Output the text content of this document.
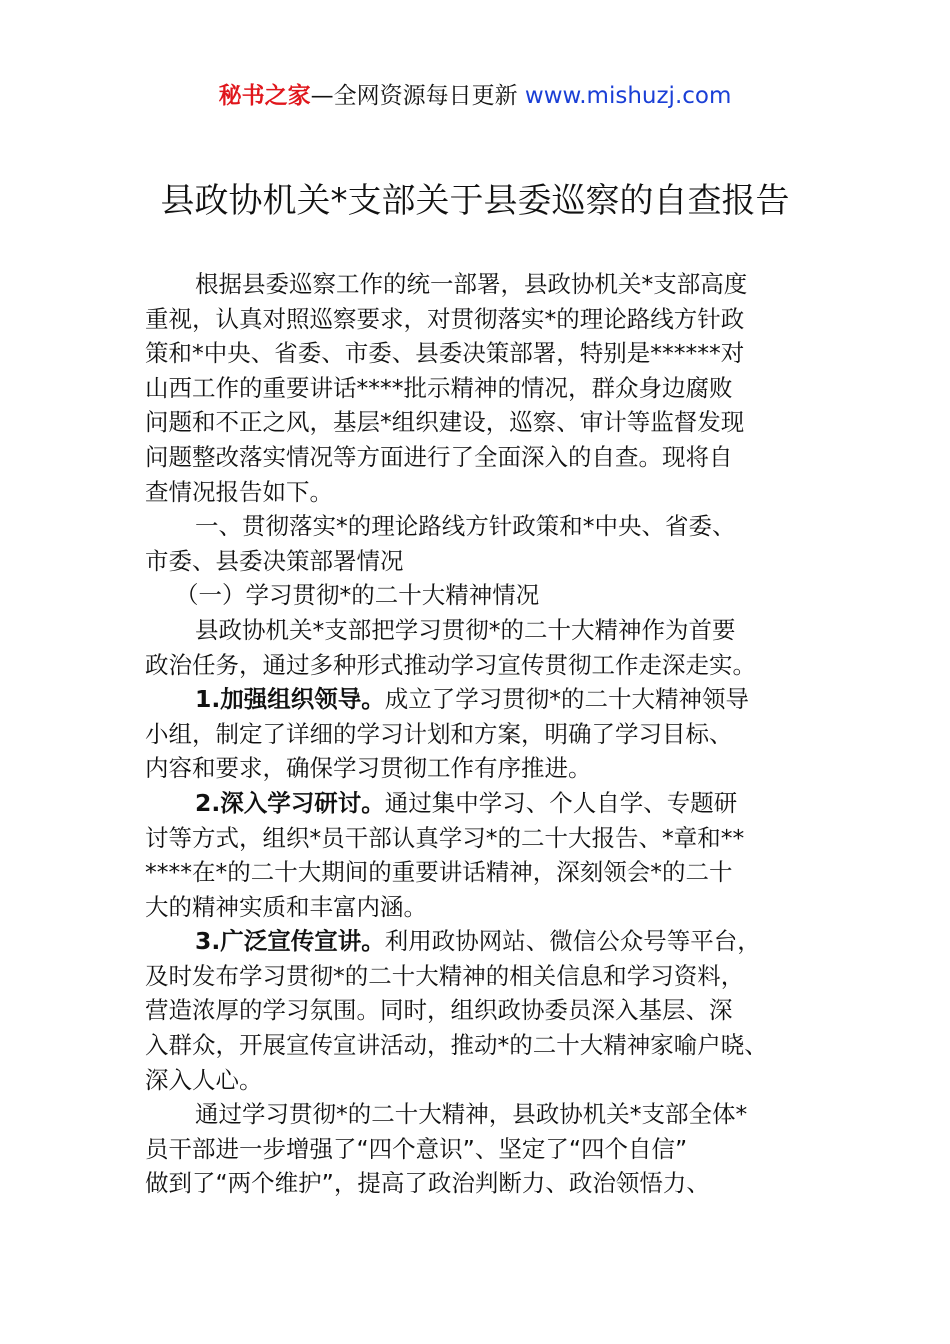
秘书之家—全网资源每日更新 www.mishuzj.com
县政协机关*支部关于县委巡察的自查报告
根据县委巡察工作的统一部署，县政协机关*支部高度
重视，认真对照巡察要求，对贯彻落实*的理论路线方针政
策和*中央、省委、市委、县委决策部署，特别是******对
山西工作的重要讲话****批示精神的情况，群众身边腐败
问题和不正之风，基层*组织建设，巡察、审计等监督发现
问题整改落实情况等方面进行了全面深入的自查。现将自
查情况报告如下。
一、贯彻落实*的理论路线方针政策和*中央、省委、
市委、县委决策部署情况
（一）学习贯彻*的二十大精神情况
县政协机关*支部把学习贯彻*的二十大精神作为首要
政治任务，通过多种形式推动学习宣传贯彻工作走深走实。
1.加强组织领导。成立了学习贯彻*的二十大精神领导
小组，制定了详细的学习计划和方案，明确了学习目标、
内容和要求，确保学习贯彻工作有序推进。
2.深入学习研讨。通过集中学习、个人自学、专题研
讨等方式，组织*员干部认真学习*的二十大报告、*章和**
****在*的二十大期间的重要讲话精神，深刻领会*的二十
大的精神实质和丰富内涵。
3.广泛宣传宣讲。利用政协网站、微信公众号等平台，
及时发布学习贯彻*的二十大精神的相关信息和学习资料，
营造浓厚的学习氛围。同时，组织政协委员深入基层、深
入群众，开展宣传宣讲活动，推动*的二十大精神家喻户晓、
深入人心。
通过学习贯彻*的二十大精神，县政协机关*支部全体*
员干部进一步增强了“四个意识”、坚定了“四个自信”
做到了“两个维护”，提高了政治判断力、政治领悟力、
